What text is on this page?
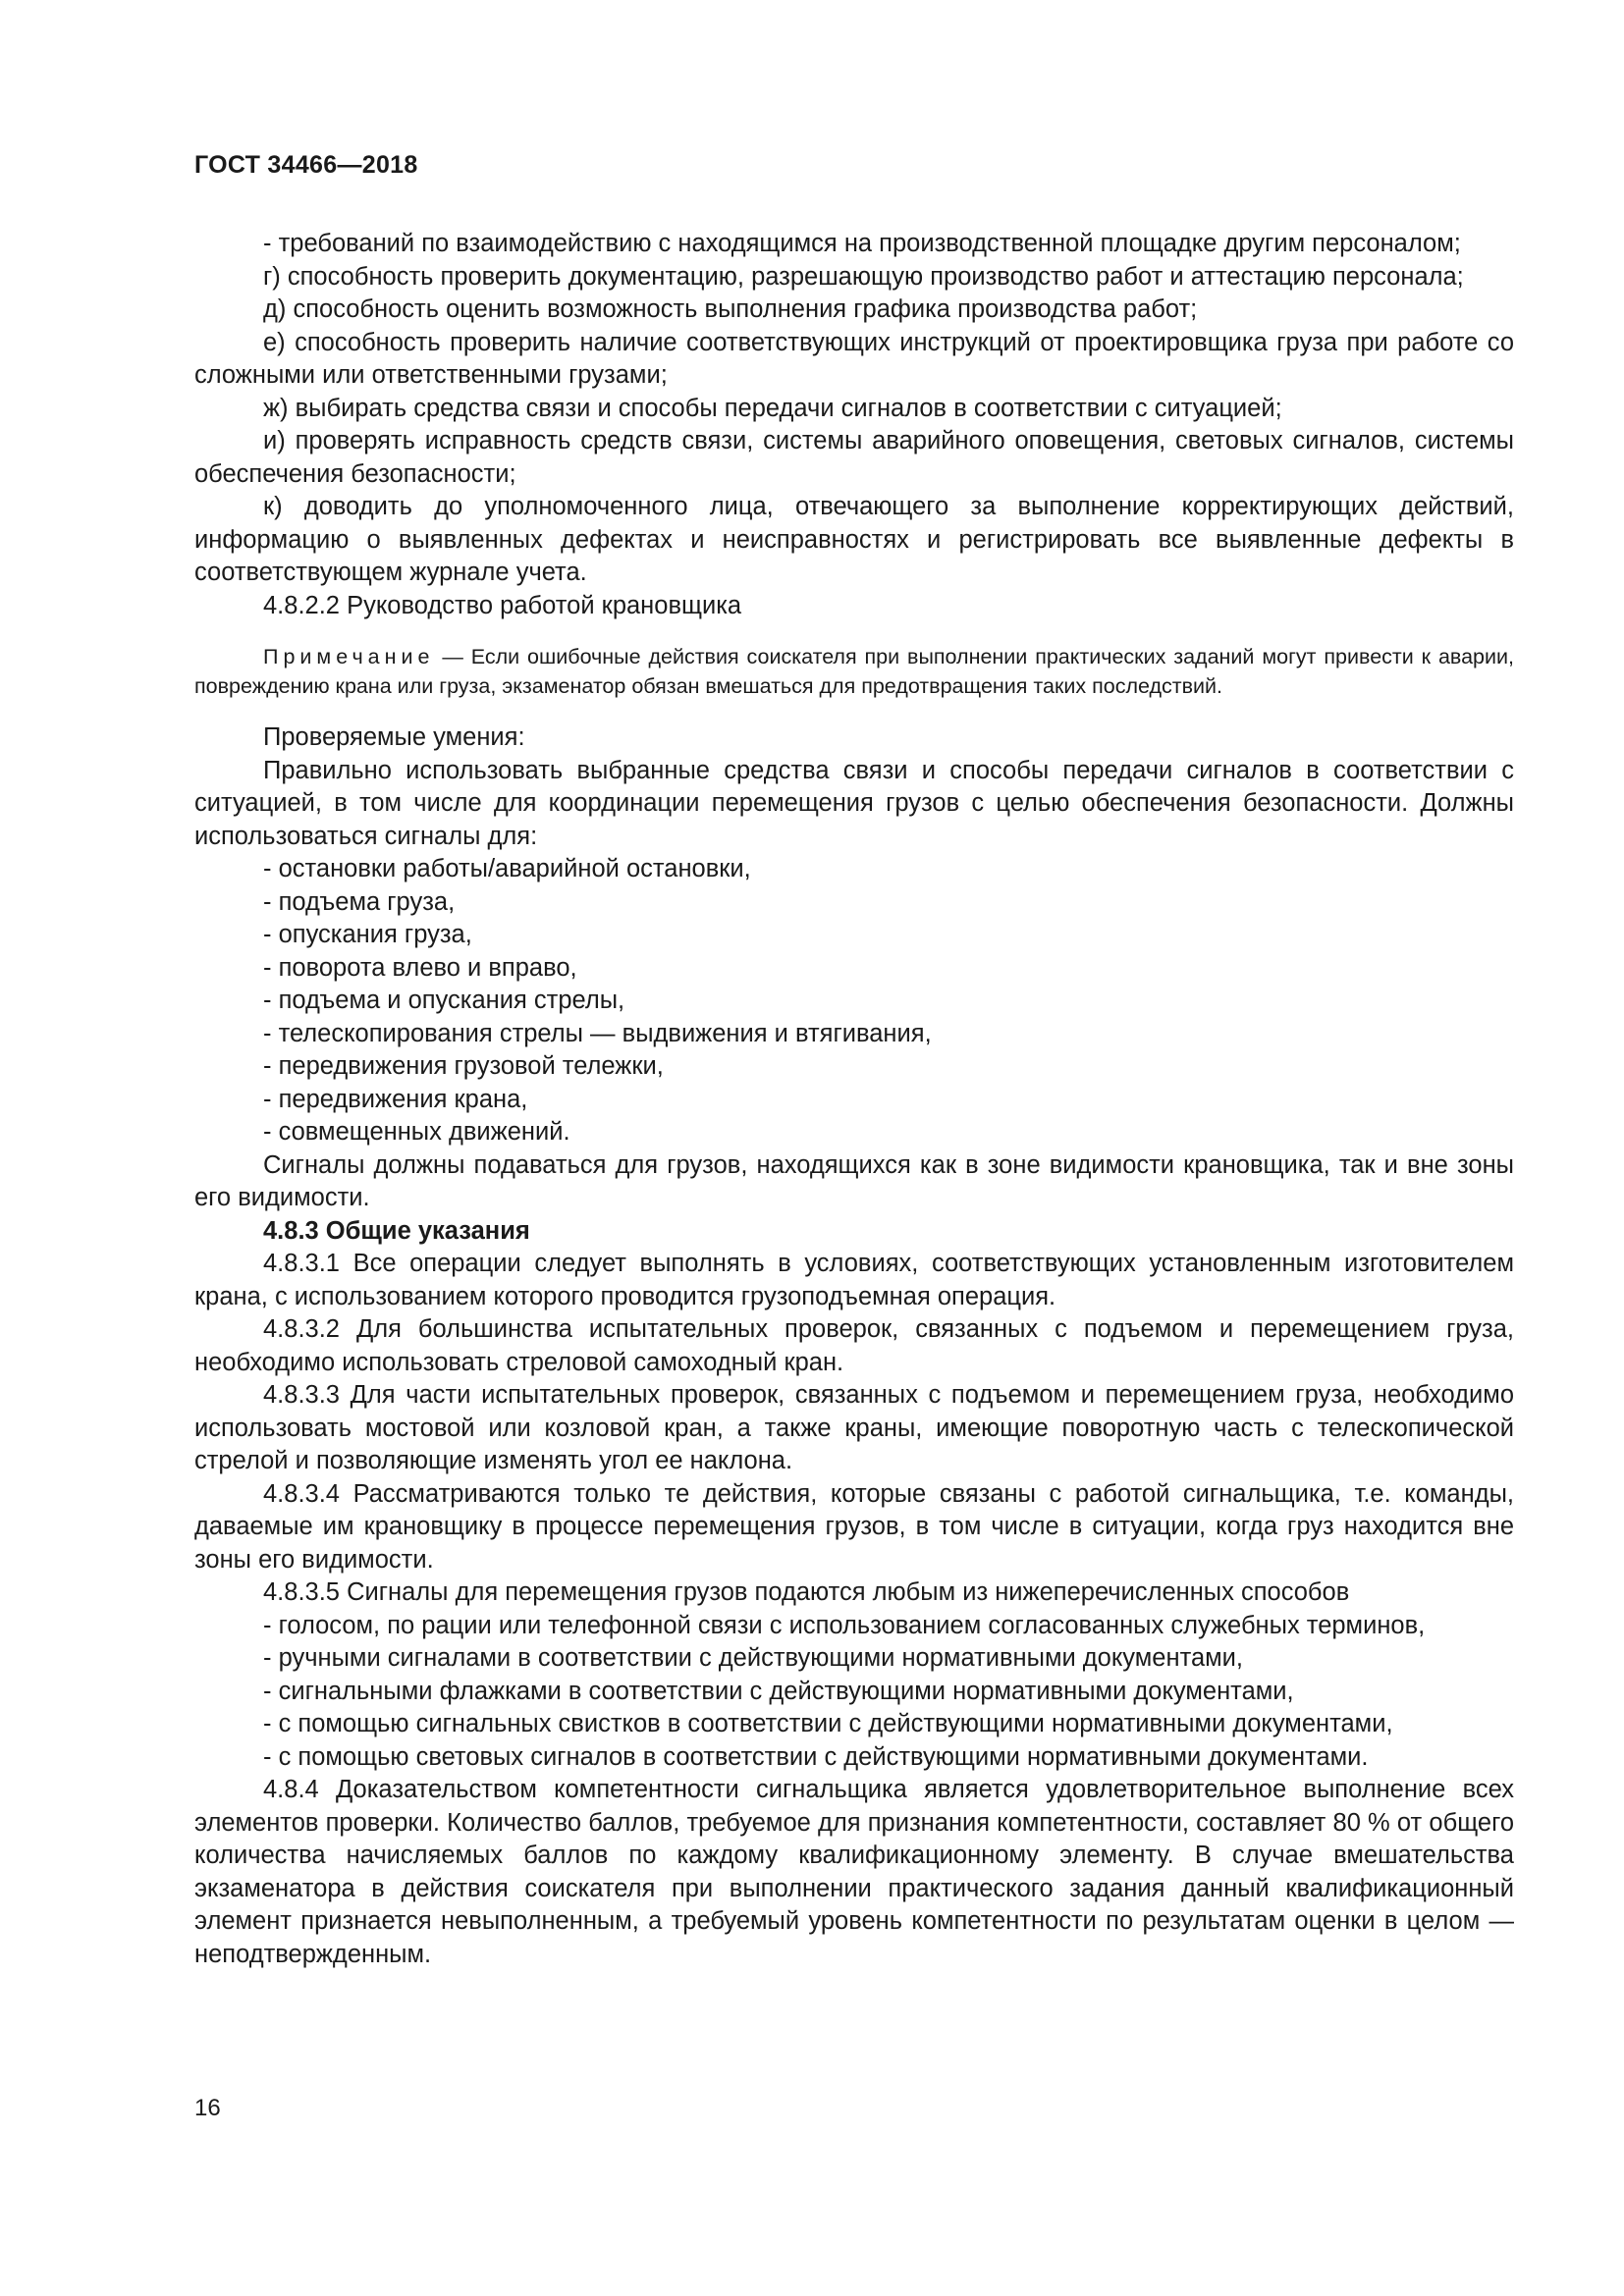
ГОСТ 34466—2018

- требований по взаимодействию с находящимся на производственной площадке другим персоналом;

г) способность проверить документацию, разрешающую производство работ и аттестацию персонала;

д) способность оценить возможность выполнения графика производства работ;

е) способность проверить наличие соответствующих инструкций от проектировщика груза при работе со сложными или ответственными грузами;

ж) выбирать средства связи и способы передачи сигналов в соответствии с ситуацией;

и) проверять исправность средств связи, системы аварийного оповещения, световых сигналов, системы обеспечения безопасности;

к) доводить до уполномоченного лица, отвечающего за выполнение корректирующих действий, информацию о выявленных дефектах и неисправностях и регистрировать все выявленные дефекты в соответствующем журнале учета.

4.8.2.2 Руководство работой крановщика

Примечание — Если ошибочные действия соискателя при выполнении практических заданий могут привести к аварии, повреждению крана или груза, экзаменатор обязан вмешаться для предотвращения таких последствий.

Проверяемые умения:

Правильно использовать выбранные средства связи и способы передачи сигналов в соответствии с ситуацией, в том числе для координации перемещения грузов с целью обеспечения безопасности. Должны использоваться сигналы для:

- остановки работы/аварийной остановки,

- подъема груза,

- опускания груза,

- поворота влево и вправо,

- подъема и опускания стрелы,

- телескопирования стрелы — выдвижения и втягивания,

- передвижения грузовой тележки,

- передвижения крана,

- совмещенных движений.

Сигналы должны подаваться для грузов, находящихся как в зоне видимости крановщика, так и вне зоны его видимости.

4.8.3 Общие указания

4.8.3.1 Все операции следует выполнять в условиях, соответствующих установленным изготовителем крана, с использованием которого проводится грузоподъемная операция.

4.8.3.2 Для большинства испытательных проверок, связанных с подъемом и перемещением груза, необходимо использовать стреловой самоходный кран.

4.8.3.3 Для части испытательных проверок, связанных с подъемом и перемещением груза, необходимо использовать мостовой или козловой кран, а также краны, имеющие поворотную часть с телескопической стрелой и позволяющие изменять угол ее наклона.

4.8.3.4 Рассматриваются только те действия, которые связаны с работой сигнальщика, т.е. команды, даваемые им крановщику в процессе перемещения грузов, в том числе в ситуации, когда груз находится вне зоны его видимости.

4.8.3.5 Сигналы для перемещения грузов подаются любым из нижеперечисленных способов

- голосом, по рации или телефонной связи с использованием согласованных служебных терминов,

- ручными сигналами в соответствии с действующими нормативными документами,

- сигнальными флажками в соответствии с действующими нормативными документами,

- с помощью сигнальных свистков в соответствии с действующими нормативными документами,

- с помощью световых сигналов в соответствии с действующими нормативными документами.

4.8.4 Доказательством компетентности сигнальщика является удовлетворительное выполнение всех элементов проверки. Количество баллов, требуемое для признания компетентности, составляет 80 % от общего количества начисляемых баллов по каждому квалификационному элементу. В случае вмешательства экзаменатора в действия соискателя при выполнении практического задания данный квалификационный элемент признается невыполненным, а требуемый уровень компетентности по результатам оценки в целом — неподтвержденным.

16
